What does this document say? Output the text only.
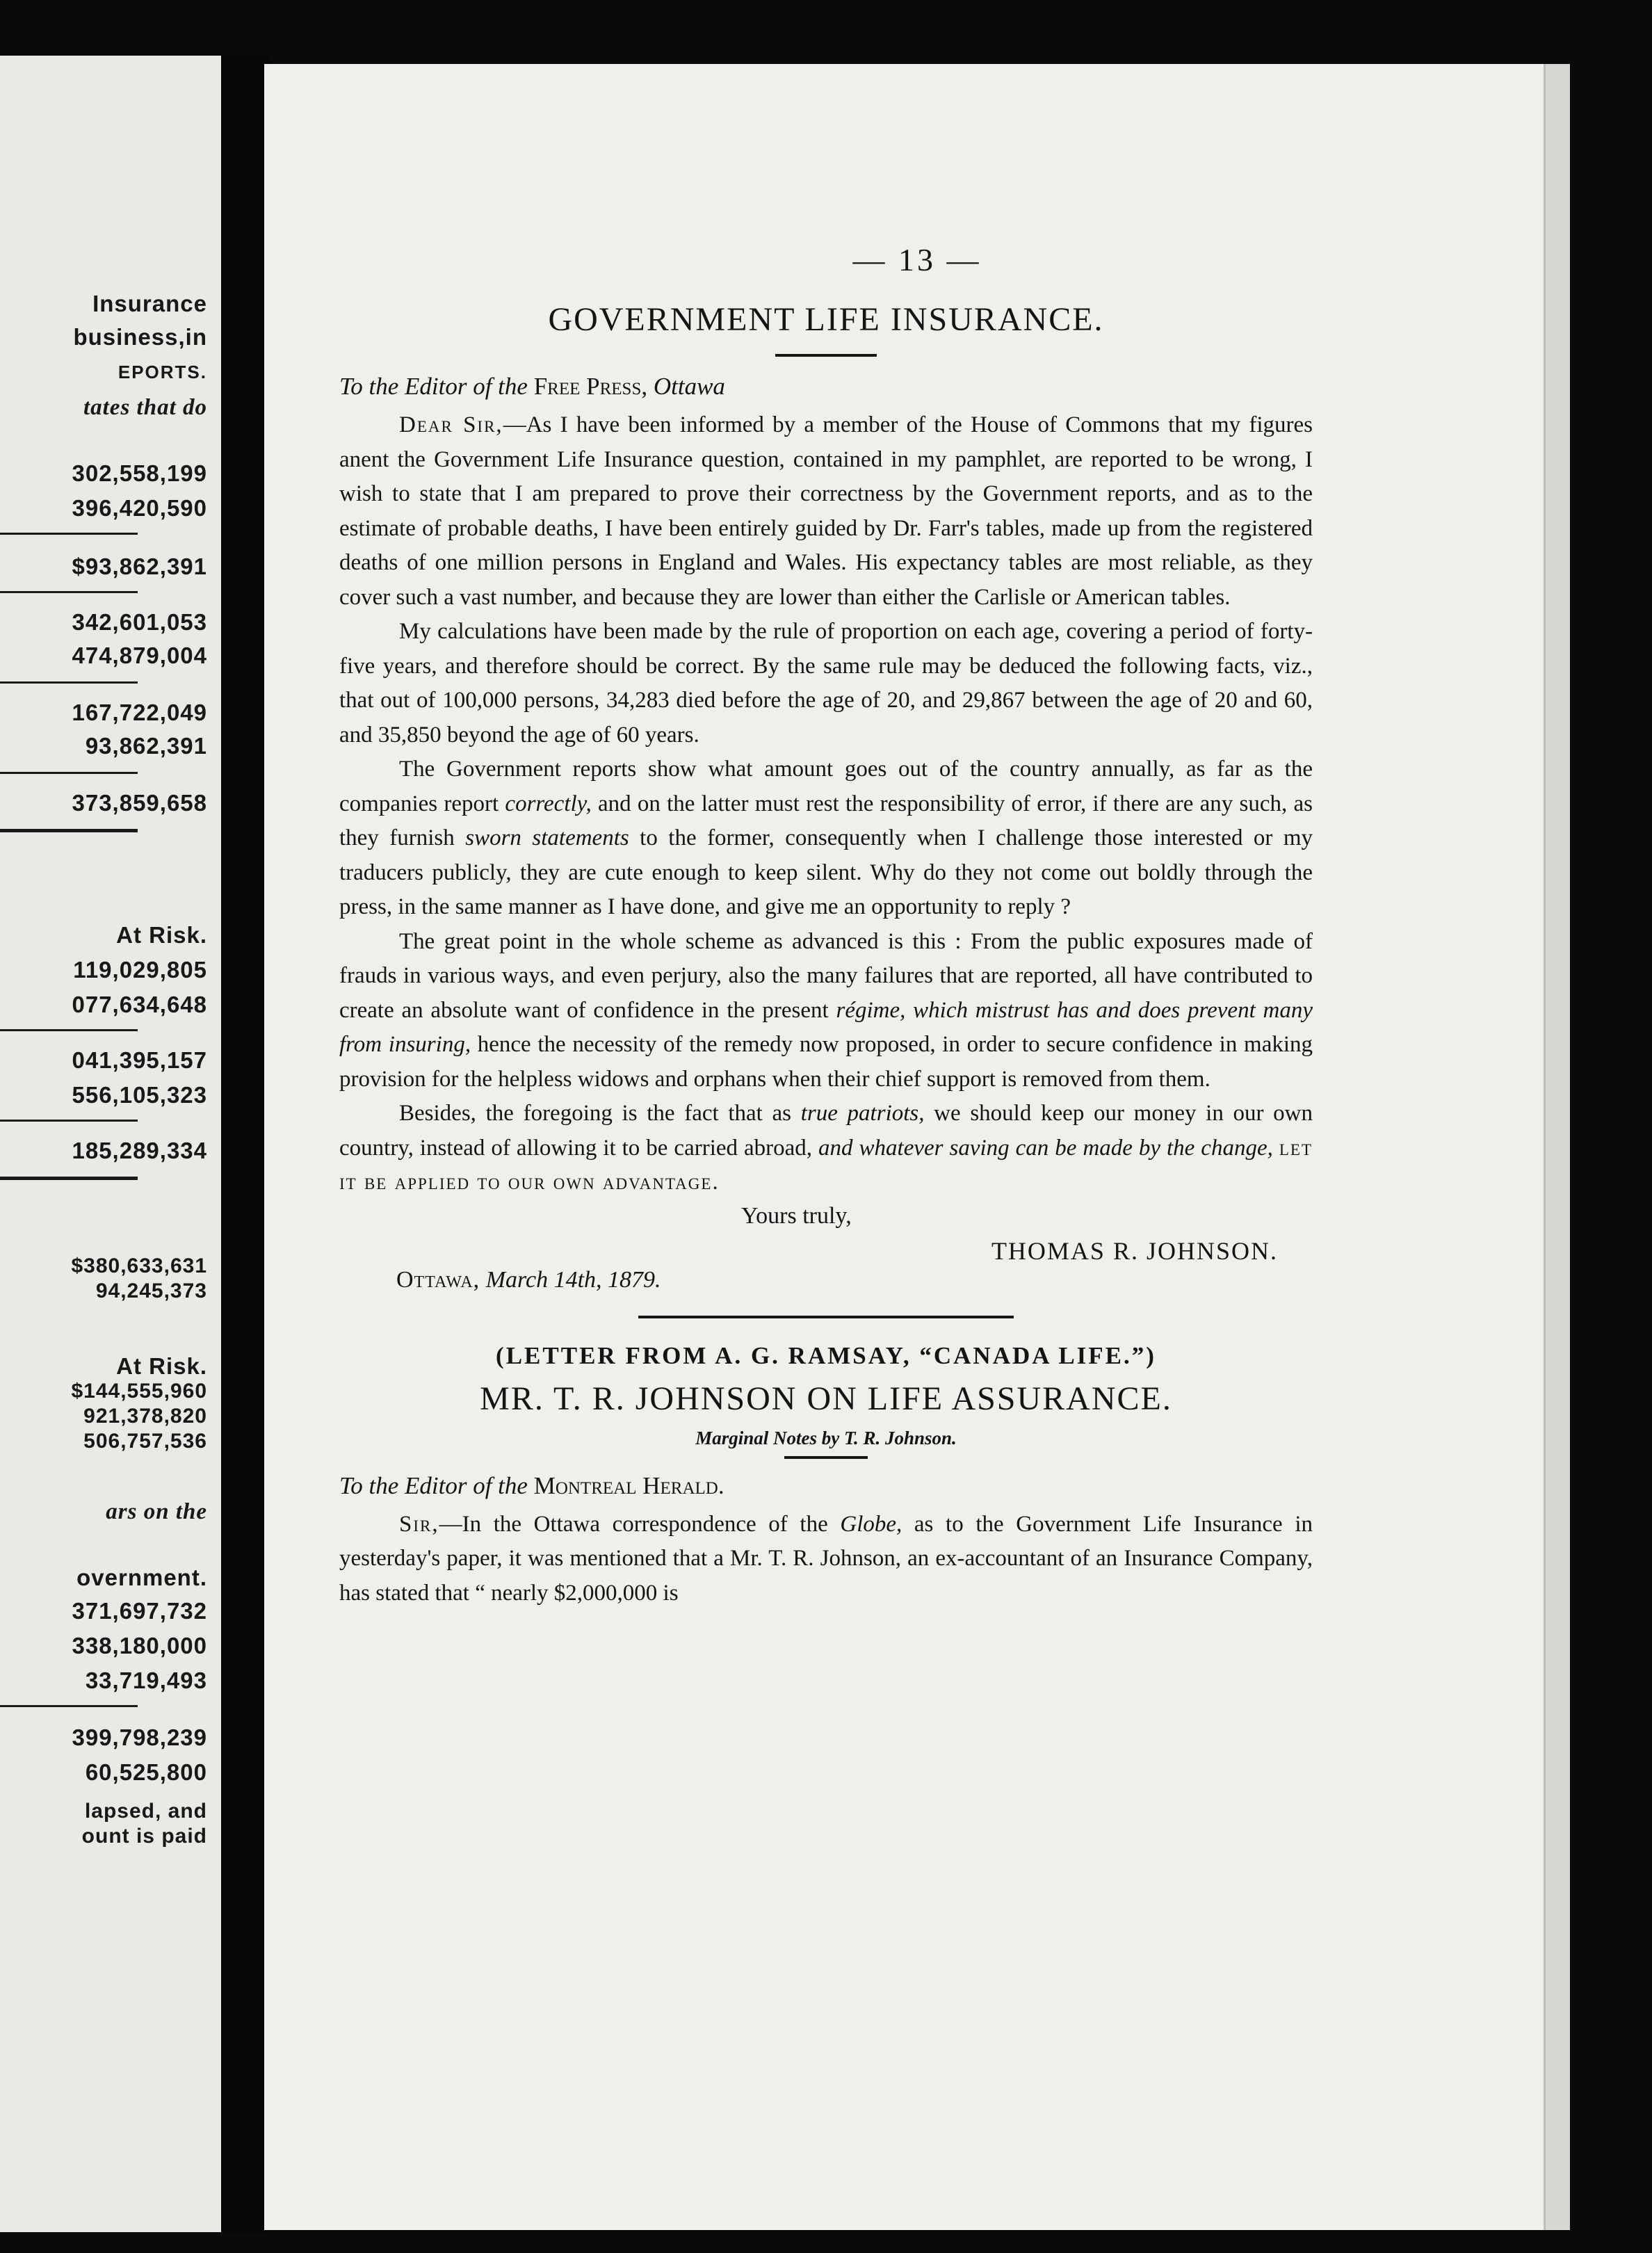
Insurance
business,in
EPORTS.
tates that do
302,558,199
396,420,590
$93,862,391
342,601,053
474,879,004
167,722,049
93,862,391
373,859,658
At Risk.
119,029,805
077,634,648
041,395,157
556,105,323
185,289,334
$380,633,631
94,245,373
At Risk.
$144,555,960
921,378,820
506,757,536
ars on the
overnment.
371,697,732
338,180,000
33,719,493
399,798,239
60,525,800
lapsed, and
ount is paid
— 13 —
GOVERNMENT LIFE INSURANCE.

To the Editor of the Free Press, Ottawa

Dear Sir,—As I have been informed by a member of the House of Commons that my figures anent the Government Life Insurance question, contained in my pamphlet, are reported to be wrong, I wish to state that I am prepared to prove their correctness by the Government reports, and as to the estimate of probable deaths, I have been entirely guided by Dr. Farr's tables, made up from the registered deaths of one million persons in England and Wales. His expectancy tables are most reliable, as they cover such a vast number, and because they are lower than either the Carlisle or American tables.

My calculations have been made by the rule of proportion on each age, covering a period of forty-five years, and therefore should be correct. By the same rule may be deduced the following facts, viz., that out of 100,000 persons, 34,283 died before the age of 20, and 29,867 between the age of 20 and 60, and 35,850 beyond the age of 60 years.

The Government reports show what amount goes out of the country annually, as far as the companies report correctly, and on the latter must rest the responsibility of error, if there are any such, as they furnish sworn statements to the former, consequently when I challenge those interested or my traducers publicly, they are cute enough to keep silent. Why do they not come out boldly through the press, in the same manner as I have done, and give me an opportunity to reply ?

The great point in the whole scheme as advanced is this : From the public exposures made of frauds in various ways, and even perjury, also the many failures that are reported, all have contributed to create an absolute want of confidence in the present régime, which mistrust has and does prevent many from insuring, hence the necessity of the remedy now proposed, in order to secure confidence in making provision for the helpless widows and orphans when their chief support is removed from them.

Besides, the foregoing is the fact that as true patriots, we should keep our money in our own country, instead of allowing it to be carried abroad, and whatever saving can be made by the change, let it be applied to our own advantage.

Yours truly,
THOMAS R. JOHNSON.
Ottawa, March 14th, 1879.

(LETTER FROM A. G. RAMSAY, “CANADA LIFE.”)

MR. T. R. JOHNSON ON LIFE ASSURANCE.

Marginal Notes by T. R. Johnson.

To the Editor of the Montreal Herald.

Sir,—In the Ottawa correspondence of the Globe, as to the Government Life Insurance in yesterday's paper, it was mentioned that a Mr. T. R. Johnson, an ex-accountant of an Insurance Company, has stated that “ nearly $2,000,000 is
